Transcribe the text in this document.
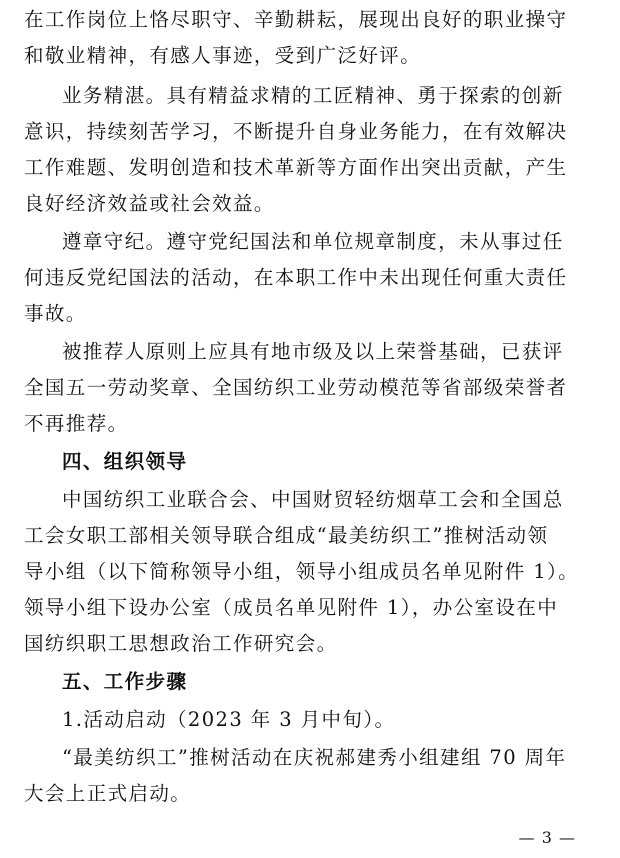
在工作岗位上恪尽职守、辛勤耕耘，展现出良好的职业操守
和敬业精神，有感人事迹，受到广泛好评。
业务精湛。具有精益求精的工匠精神、勇于探索的创新
意识，持续刻苦学习，不断提升自身业务能力，在有效解决
工作难题、发明创造和技术革新等方面作出突出贡献，产生
良好经济效益或社会效益。
遵章守纪。遵守党纪国法和单位规章制度，未从事过任
何违反党纪国法的活动，在本职工作中未出现任何重大责任
事故。
被推荐人原则上应具有地市级及以上荣誉基础，已获评
全国五一劳动奖章、全国纺织工业劳动模范等省部级荣誉者
不再推荐。
四、组织领导
中国纺织工业联合会、中国财贸轻纺烟草工会和全国总
工会女职工部相关领导联合组成“最美纺织工”推树活动领
导小组（以下简称领导小组，领导小组成员名单见附件 1）。
领导小组下设办公室（成员名单见附件 1），办公室设在中
国纺织职工思想政治工作研究会。
五、工作步骤
1.活动启动（2023 年 3 月中旬）。
“最美纺织工”推树活动在庆祝郝建秀小组建组 70 周年
大会上正式启动。
— 3 —
